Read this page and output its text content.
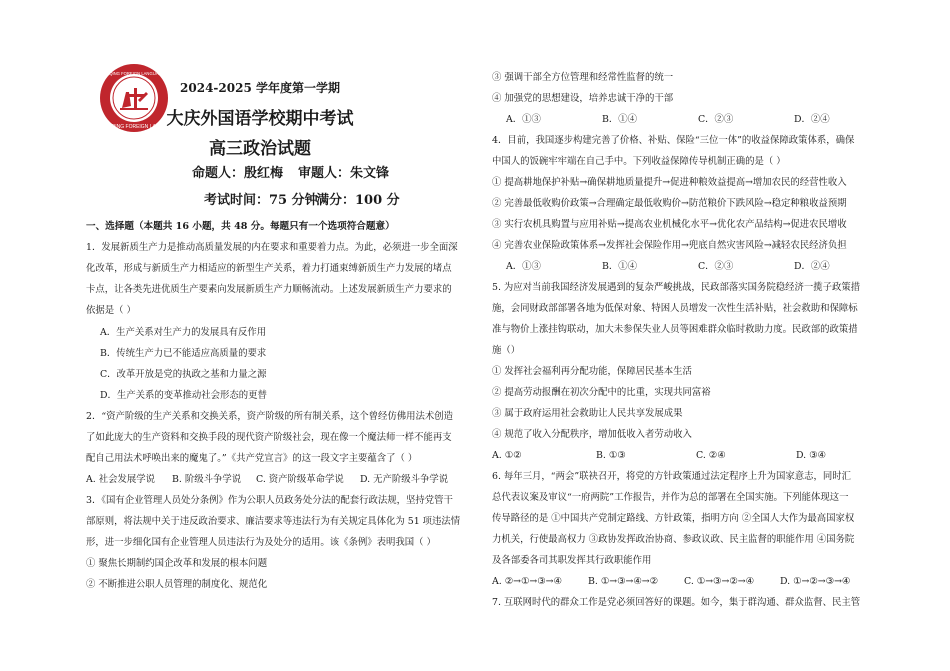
DAQING FOREIGN LANGUAGE
大庆外国语学校 DAQING FOREIGN LANGUAGE SCHOOL
2024-2025 学年度第一学期
大庆外国语学校期中考试
高三政治试题
命题人：殷红梅 审题人：朱文锋
考试时间：75 分钟
满分：100 分
一、选择题（本题共 16 小题，共 48 分。每题只有一个选项符合题意）
1．发展新质生产力是推动高质量发展的内在要求和重要着力点。为此，必须进一步全面深
化改革，形成与新质生产力相适应的新型生产关系，着力打通束缚新质生产力发展的堵点
卡点，让各类先进优质生产要素向发展新质生产力顺畅流动。上述发展新质生产力要求的
依据是（ ）
A．生产关系对生产力的发展具有反作用
B．传统生产力已不能适应高质量的要求
C．改革开放是党的执政之基和力量之源
D．生产关系的变革推动社会形态的更替
2．“资产阶级的生产关系和交换关系，资产阶级的所有制关系，这个曾经仿佛用法术创造
了如此庞大的生产资料和交换手段的现代资产阶级社会，现在像一个魔法师一样不能再支
配自己用法术呼唤出来的魔鬼了。”《共产党宣言》的这一段文字主要蕴含了（ ）
A. 社会发展学说 B. 阶级斗争学说 C. 资产阶级革命学说 D. 无产阶级斗争学说
3．《国有企业管理人员处分条例》作为公职人员政务处分法的配套行政法规，坚持党管干
部原则，将法规中关于违反政治要求、廉洁要求等违法行为有关规定具体化为 51 项违法情
形，进一步细化国有企业管理人员违法行为及处分的适用。该《条例》表明我国（ ）
① 聚焦长期制约国企改革和发展的根本问题
② 不断推进公职人员管理的制度化、规范化
③ 强调干部全方位管理和经常性监督的统一
④ 加强党的思想建设，培养忠诚干净的干部
A．①③	B．①④	C．②③	D．②④
4．目前，我国逐步构建完善了价格、补贴、保险“三位一体”的收益保障政策体系，确保
中国人的饭碗牢牢端在自己手中。下列收益保障传导机制正确的是（ ）
① 提高耕地保护补贴→确保耕地质量提升→促进种粮效益提高→增加农民的经营性收入
② 完善最低收购价政策→合理确定最低收购价→防范粮价下跌风险→稳定种粮收益预期
③ 实行农机具购置与应用补贴→提高农业机械化水平→优化农产品结构→促进农民增收
④ 完善农业保险政策体系→发挥社会保险作用→兜底自然灾害风险→减轻农民经济负担
A．①③	B．①④	C．②③	D．②④
5. 为应对当前我国经济发展遇到的复杂严峻挑战，民政部落实国务院稳经济一揽子政策措
施，会同财政部部署各地为低保对象、特困人员增发一次性生活补贴，社会救助和保障标
准与物价上涨挂钩联动，加大未参保失业人员等困难群众临时救助力度。民政部的政策措
施（）
① 发挥社会福利再分配功能，保障居民基本生活
② 提高劳动报酬在初次分配中的比重，实现共同富裕
③ 属于政府运用社会救助让人民共享发展成果
④ 规范了收入分配秩序，增加低收入者劳动收入
A. ①②	B. ①③	C. ②④	D. ③④
6. 每年三月，“两会”联袂召开，将党的方针政策通过法定程序上升为国家意志，同时汇
总代表议案及审议“一府两院”工作报告，并作为总的部署在全国实施。下列能体现这一
传导路径的是 ①中国共产党制定路线、方针政策，指明方向 ②全国人大作为最高国家权
力机关，行使最高权力 ③政协发挥政治协商、参政议政、民主监督的职能作用 ④国务院
及各部委各司其职发挥其行政职能作用
A. ②→①→③→④	B. ①→③→④→②	C. ①→③→②→④	D. ①→②→③→④
7. 互联网时代的群众工作是党必须回答好的课题。如今，集于群沟通、群众监督、民主管
